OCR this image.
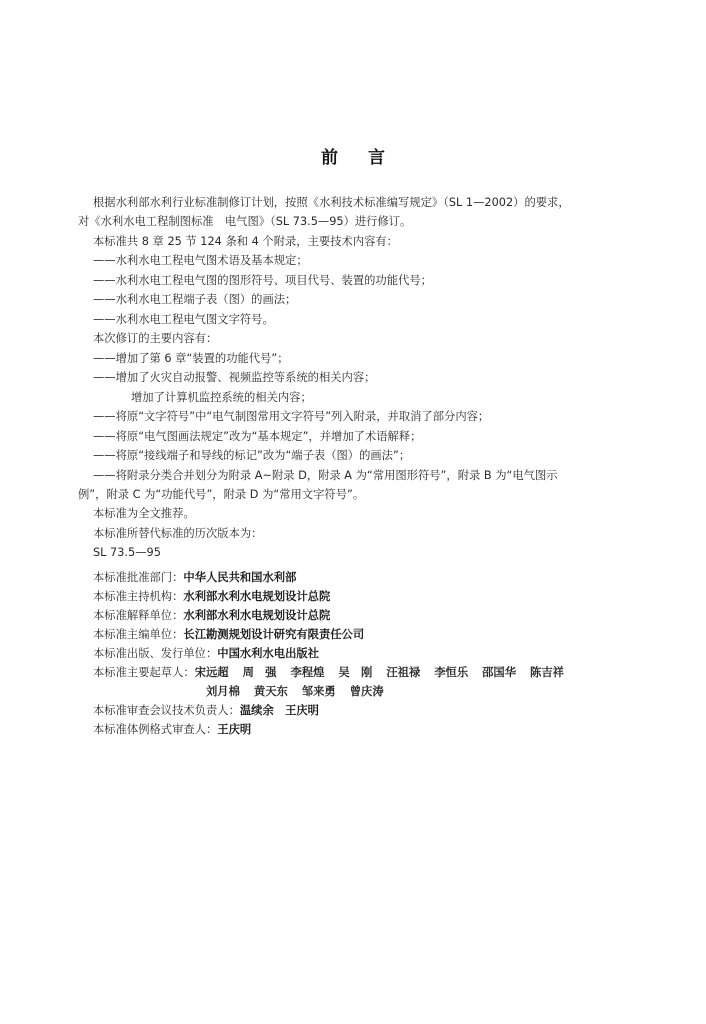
前言
根据水利部水利行业标准制修订计划，按照《水利技术标准编写规定》（SL 1—2002）的要求，
对《水利水电工程制图标准　电气图》（SL 73.5—95）进行修订。
本标准共 8 章 25 节 124 条和 4 个附录，主要技术内容有：
——水利水电工程电气图术语及基本规定；
——水利水电工程电气图的图形符号、项目代号、装置的功能代号；
——水利水电工程端子表（图）的画法；
——水利水电工程电气图文字符号。
本次修订的主要内容有：
——增加了第 6 章“装置的功能代号”；
——增加了火灾自动报警、视频监控等系统的相关内容；
增加了计算机监控系统的相关内容；
——将原“文字符号”中“电气制图常用文字符号”列入附录，并取消了部分内容；
——将原“电气图画法规定”改为“基本规定”，并增加了术语解释；
——将原“接线端子和导线的标记”改为“端子表（图）的画法”；
——将附录分类合并划分为附录 A~附录 D，附录 A 为“常用图形符号”，附录 B 为“电气图示
例”，附录 C 为“功能代号”，附录 D 为“常用文字符号”。
本标准为全文推荐。
本标准所替代标准的历次版本为：
SL 73.5—95
本标准批准部门：中华人民共和国水利部
本标准主持机构：水利部水利水电规划设计总院
本标准解释单位：水利部水利水电规划设计总院
本标准主编单位：长江勘测规划设计研究有限责任公司
本标准出版、发行单位：中国水利水电出版社
本标准主要起草人：宋远超 周　强 李程煌 吴　刚 汪祖禄 李恒乐 邵国华 陈吉祥
刘月棉 黄天东 邹来勇 曾庆涛
本标准审查会议技术负责人：温续余　王庆明
本标准体例格式审查人：王庆明
